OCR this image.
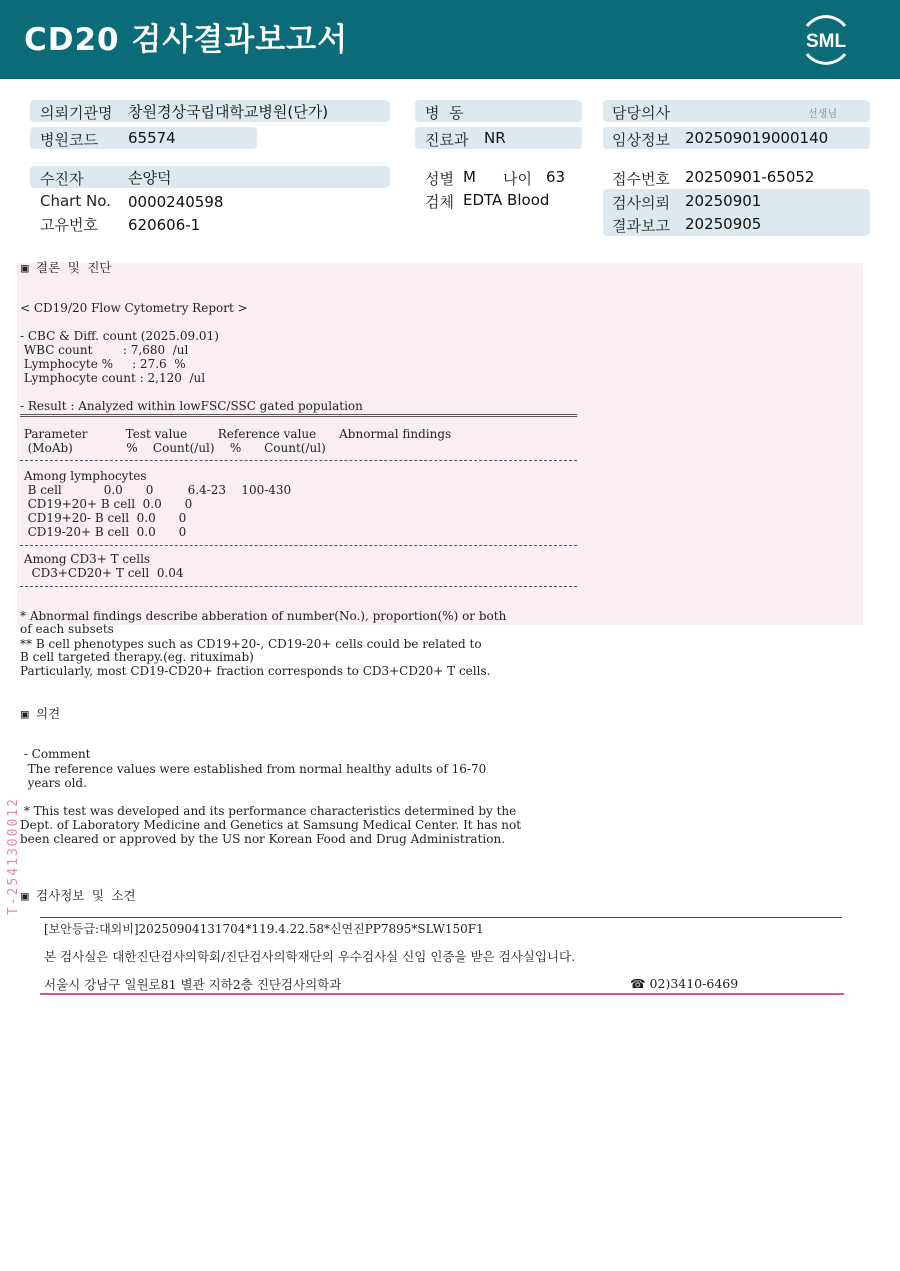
CD20 검사결과보고서	SML
의뢰기관명 창원경상국립대학교병원(단가)
병원코드 65574
병  동
진료과 NR
담당의사	선생님
임상정보 202509019000140
수진자	손양덕
Chart No. 0000240598
고유번호 620606-1
성별 M 나이 63
검체 EDTA Blood
접수번호 20250901-65052
검사의뢰 20250901
결과보고 20250905
▣ 결론 및 진단
< CD19/20 Flow Cytometry Report >
- CBC & Diff. count (2025.09.01)
WBC count        : 7,680  /ul
Lymphocyte %     : 27.6  %
Lymphocyte count : 2,120  /ul
- Result : Analyzed within lowFSC/SSC gated population
Parameter          Test value        Reference value      Abnormal findings
(MoAb)              %    Count(/ul)    %      Count(/ul)
Among lymphocytes
B cell           0.0      0         6.4-23    100-430
CD19+20+ B cell  0.0      0
CD19+20- B cell  0.0      0
CD19-20+ B cell  0.0      0
Among CD3+ T cells
CD3+CD20+ T cell  0.04
* Abnormal findings describe abberation of number(No.), proportion(%) or both
of each subsets
** B cell phenotypes such as CD19+20-, CD19-20+ cells could be related to
B cell targeted therapy.(eg. rituximab)
Particularly, most CD19-CD20+ fraction corresponds to CD3+CD20+ T cells.
▣ 의견
- Comment
The reference values were established from normal healthy adults of 16-70
years old.
* This test was developed and its performance characteristics determined by the
Dept. of Laboratory Medicine and Genetics at Samsung Medical Center. It has not
been cleared or approved by the US nor Korean Food and Drug Administration.
T-2541300012 ▣ 검사정보 및 소견
[보안등급:대외비]20250904131704*119.4.22.58*신연진PP7895*SLW150F1
본 검사실은 대한진단검사의학회/진단검사의학재단의 우수검사실 신임 인증을 받은 검사실입니다.
서울시 강남구 일원로81 별관 지하2층 진단검사의학과	☎ 02)3410-6469
